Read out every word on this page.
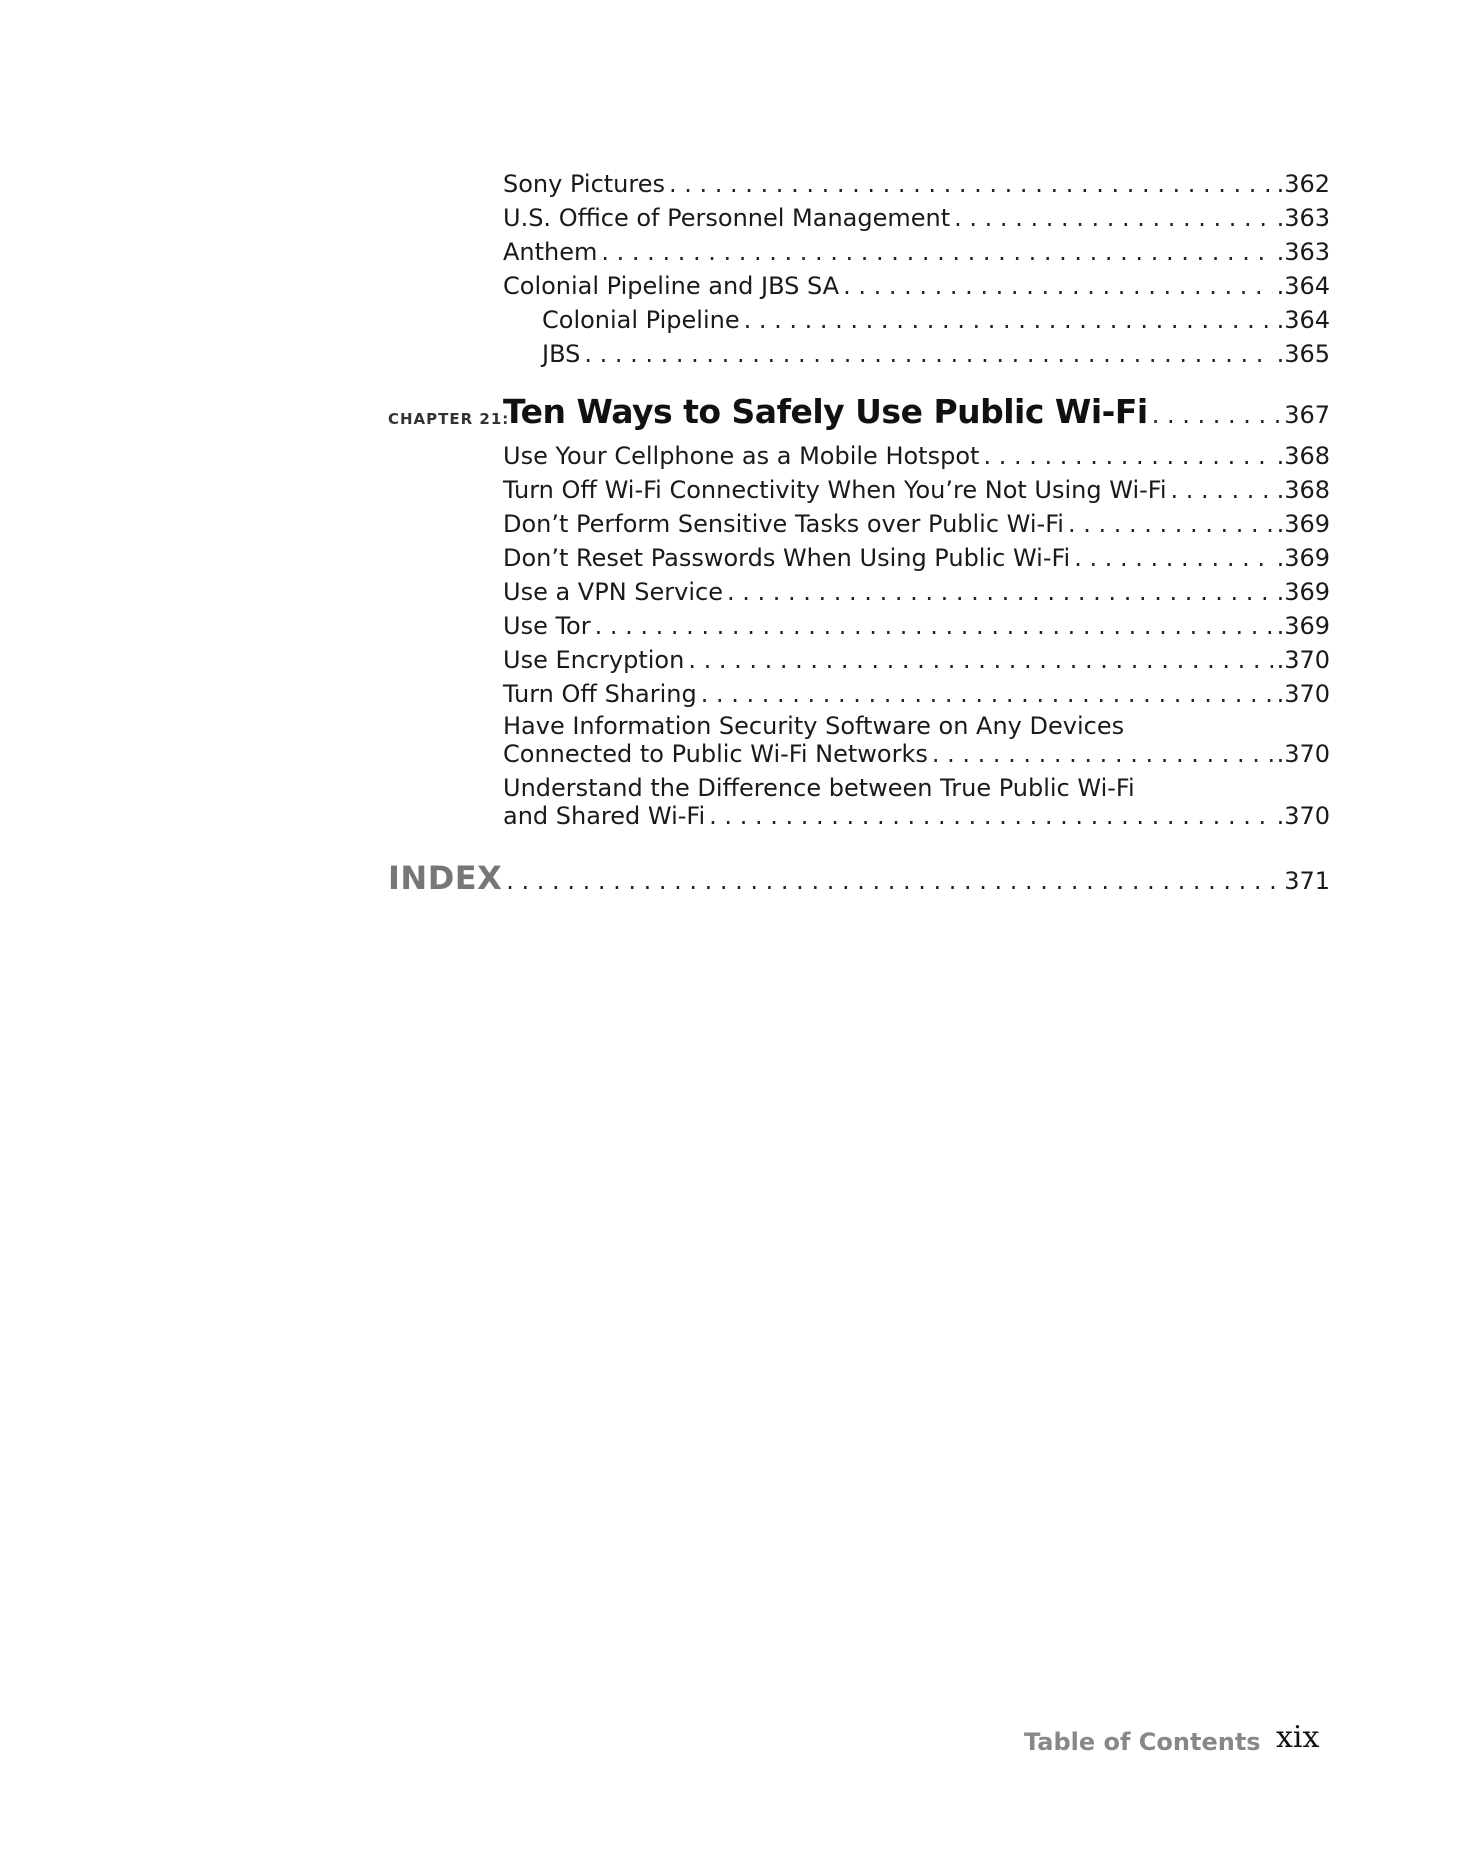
Sony Pictures . . .	.362
U.S. Office of Personnel Management . . .	.363
Anthem . . .	.363
Colonial Pipeline and JBS SA . . .	.364
Colonial Pipeline . . .	.364
JBS . . .	.365
CHAPTER 21:
Ten Ways to Safely Use Public Wi-Fi . . .	367
Use Your Cellphone as a Mobile Hotspot . . .	.368
Turn Off Wi-Fi Connectivity When You’re Not Using Wi-Fi . . .	.368
Don’t Perform Sensitive Tasks over Public Wi-Fi . . .	.369
Don’t Reset Passwords When Using Public Wi-Fi . . .	.369
Use a VPN Service . . .	.369
Use Tor . . .	.369
Use Encryption . . .	.370
Turn Off Sharing . . .	.370
Have Information Security Software on Any Devices
Connected to Public Wi-Fi Networks . . .	.370
Understand the Difference between True Public Wi-Fi
and Shared Wi-Fi . . .	.370
INDEX . . .	371
Table of Contents xix
